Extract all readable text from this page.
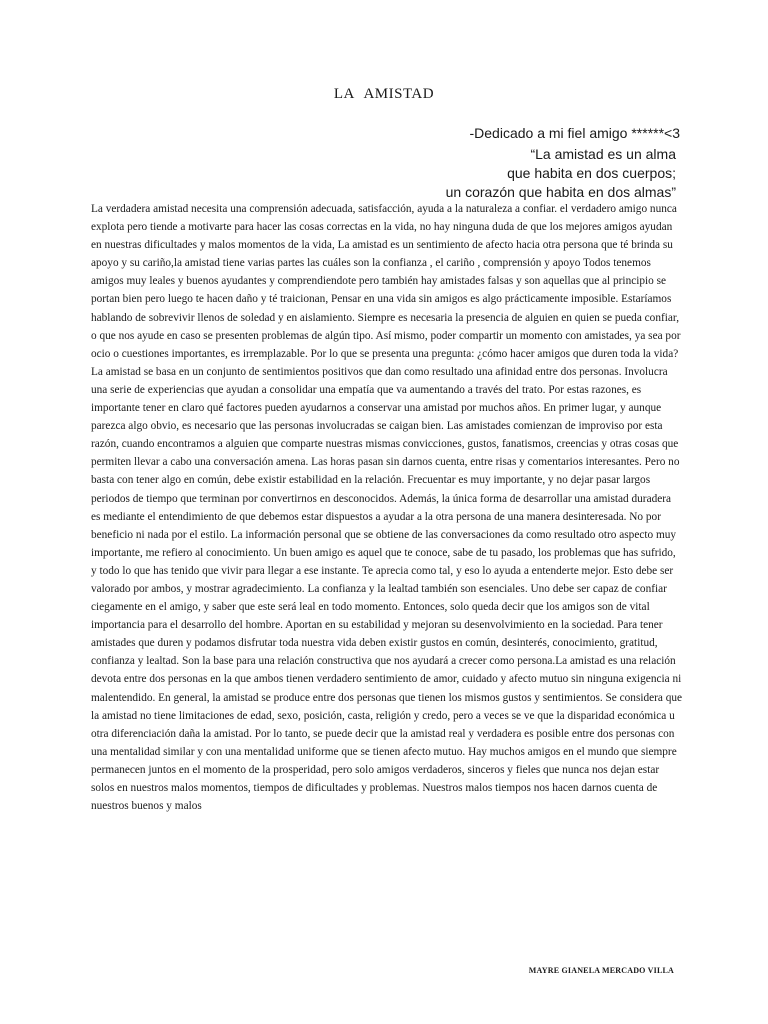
LA AMISTAD
-Dedicado a mi fiel amigo ******<3
“La amistad es un alma
que habita en dos cuerpos;
un corazón que habita en dos almas”

La verdadera amistad necesita una comprensión adecuada, satisfacción, ayuda a la naturaleza a confiar. el verdadero amigo nunca explota pero tiende a motivarte para hacer las cosas correctas en la vida, no hay ninguna duda de que los mejores amigos ayudan en nuestras dificultades y malos momentos de la vida, La amistad es un sentimiento de afecto hacia otra persona que té brinda su apoyo y su cariño,la amistad tiene varias partes las cuáles son la confianza , el cariño , comprensión y apoyo Todos tenemos amigos muy leales y buenos ayudantes y comprendiendote pero también hay amistades falsas y son aquellas que al principio se portan bien pero luego te hacen daño y té traicionan, Pensar en una vida sin amigos es algo prácticamente imposible. Estaríamos hablando de sobrevivir llenos de soledad y en aislamiento. Siempre es necesaria la presencia de alguien en quien se pueda confiar, o que nos ayude en caso se presenten problemas de algún tipo. Así mismo, poder compartir un momento con amistades, ya sea por ocio o cuestiones importantes, es irremplazable. Por lo que se presenta una pregunta: ¿cómo hacer amigos que duren toda la vida? La amistad se basa en un conjunto de sentimientos positivos que dan como resultado una afinidad entre dos personas. Involucra una serie de experiencias que ayudan a consolidar una empatía que va aumentando a través del trato. Por estas razones, es importante tener en claro qué factores pueden ayudarnos a conservar una amistad por muchos años. En primer lugar, y aunque parezca algo obvio, es necesario que las personas involucradas se caigan bien. Las amistades comienzan de improviso por esta razón, cuando encontramos a alguien que comparte nuestras mismas convicciones, gustos, fanatismos, creencias y otras cosas que permiten llevar a cabo una conversación amena. Las horas pasan sin darnos cuenta, entre risas y comentarios interesantes. Pero no basta con tener algo en común, debe existir estabilidad en la relación. Frecuentar es muy importante, y no dejar pasar largos periodos de tiempo que terminan por convertirnos en desconocidos. Además, la única forma de desarrollar una amistad duradera es mediante el entendimiento de que debemos estar dispuestos a ayudar a la otra persona de una manera desinteresada. No por beneficio ni nada por el estilo. La información personal que se obtiene de las conversaciones da como resultado otro aspecto muy importante, me refiero al conocimiento. Un buen amigo es aquel que te conoce, sabe de tu pasado, los problemas que has sufrido, y todo lo que has tenido que vivir para llegar a ese instante. Te aprecia como tal, y eso lo ayuda a entenderte mejor. Esto debe ser valorado por ambos, y mostrar agradecimiento. La confianza y la lealtad también son esenciales. Uno debe ser capaz de confiar ciegamente en el amigo, y saber que este será leal en todo momento. Entonces, solo queda decir que los amigos son de vital importancia para el desarrollo del hombre. Aportan en su estabilidad y mejoran su desenvolvimiento en la sociedad. Para tener amistades que duren y podamos disfrutar toda nuestra vida deben existir gustos en común, desinterés, conocimiento, gratitud, confianza y lealtad. Son la base para una relación constructiva que nos ayudará a crecer como persona.La amistad es una relación devota entre dos personas en la que ambos tienen verdadero sentimiento de amor, cuidado y afecto mutuo sin ninguna exigencia ni malentendido. En general, la amistad se produce entre dos personas que tienen los mismos gustos y sentimientos. Se considera que la amistad no tiene limitaciones de edad, sexo, posición, casta, religión y credo, pero a veces se ve que la disparidad económica u otra diferenciación daña la amistad. Por lo tanto, se puede decir que la amistad real y verdadera es posible entre dos personas con una mentalidad similar y con una mentalidad uniforme que se tienen afecto mutuo. Hay muchos amigos en el mundo que siempre permanecen juntos en el momento de la prosperidad, pero solo amigos verdaderos, sinceros y fieles que nunca nos dejan estar solos en nuestros malos momentos, tiempos de dificultades y problemas. Nuestros malos tiempos nos hacen darnos cuenta de nuestros buenos y malos

MAYRE GIANELA MERCADO VILLA
